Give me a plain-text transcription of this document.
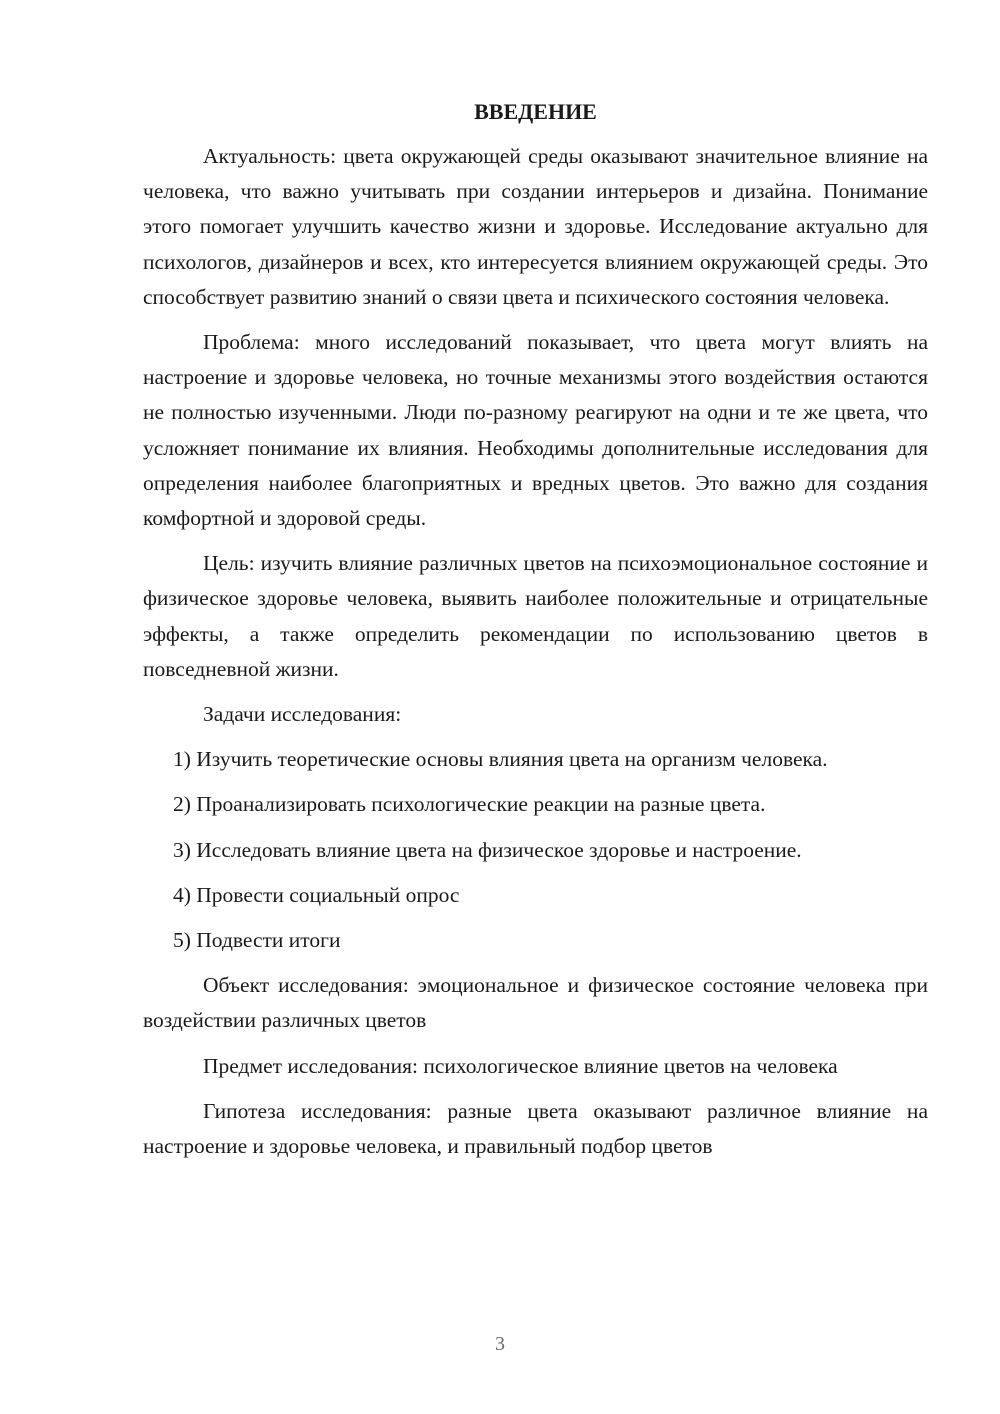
ВВЕДЕНИЕ

Актуальность: цвета окружающей среды оказывают значительное влияние на человека, что важно учитывать при создании интерьеров и дизайна. Понимание этого помогает улучшить качество жизни и здоровье. Исследование актуально для психологов, дизайнеров и всех, кто интересуется влиянием окружающей среды. Это способствует развитию знаний о связи цвета и психического состояния человека.

Проблема: много исследований показывает, что цвета могут влиять на настроение и здоровье человека, но точные механизмы этого воздействия остаются не полностью изученными. Люди по-разному реагируют на одни и те же цвета, что усложняет понимание их влияния. Необходимы дополнительные исследования для определения наиболее благоприятных и вредных цветов. Это важно для создания комфортной и здоровой среды.

Цель: изучить влияние различных цветов на психоэмоциональное состояние и физическое здоровье человека, выявить наиболее положительные и отрицательные эффекты, а также определить рекомендации по использованию цветов в повседневной жизни.

Задачи исследования:

1) Изучить теоретические основы влияния цвета на организм человека.

2) Проанализировать психологические реакции на разные цвета.

3) Исследовать влияние цвета на физическое здоровье и настроение.

4) Провести социальный опрос

5) Подвести итоги

Объект исследования: эмоциональное и физическое состояние человека при воздействии различных цветов

Предмет исследования: психологическое влияние цветов на человека

Гипотеза исследования: разные цвета оказывают различное влияние на настроение и здоровье человека, и правильный подбор цветов

3
